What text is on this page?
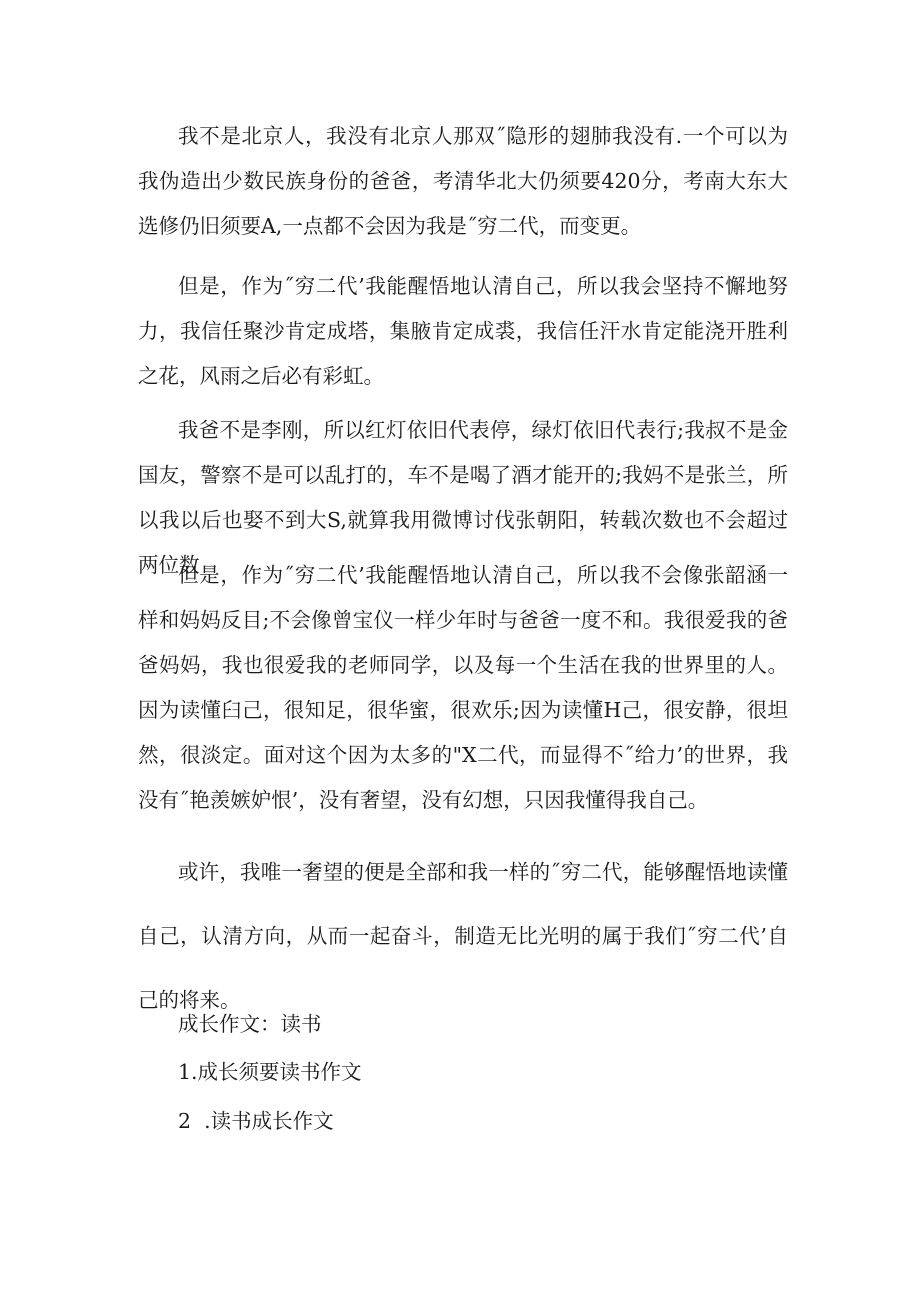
我不是北京人，我没有北京人那双˝隐形的翅肺我没有.一个可以为我伪造出少数民族身份的爸爸，考清华北大仍须要420分，考南大东大选修仍旧须要A,一点都不会因为我是˝穷二代，而变更。

但是，作为˝穷二代’我能醒悟地认清自己，所以我会坚持不懈地努力，我信任聚沙肯定成塔，集腋肯定成裘，我信任汗水肯定能浇开胜利之花，风雨之后必有彩虹。

我爸不是李刚，所以红灯依旧代表停，绿灯依旧代表行;我叔不是金国友，警察不是可以乱打的，车不是喝了酒才能开的;我妈不是张兰，所以我以后也娶不到大S,就算我用微博讨伐张朝阳，转载次数也不会超过两位数

但是，作为˝穷二代’我能醒悟地认清自己，所以我不会像张韶涵一样和妈妈反目;不会像曾宝仪一样少年时与爸爸一度不和。我很爱我的爸爸妈妈，我也很爱我的老师同学，以及每一个生活在我的世界里的人。因为读懂臼己，很知足，很华蜜，很欢乐;因为读懂H己，很安静，很坦然，很淡定。面对这个因为太多的"X二代，而显得不˝给力’的世界，我没有˝艳羡嫉妒恨’，没有奢望，没有幻想，只因我懂得我自己。

或许，我唯一奢望的便是全部和我一样的˝穷二代，能够醒悟地读懂自己，认清方向，从而一起奋斗，制造无比光明的属于我们˝穷二代’自己的将来。

成长作文：读书

1.成长须要读书作文

2  .读书成长作文
